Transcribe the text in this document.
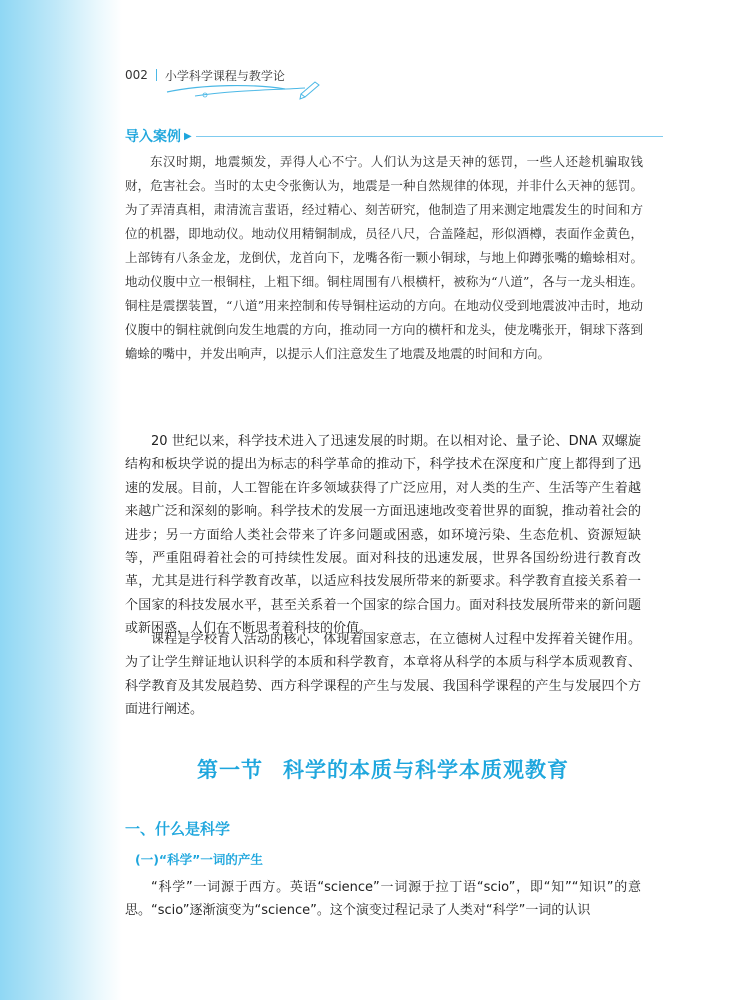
002 小学科学课程与教学论
导入案例 ▶

东汉时期，地震频发，弄得人心不宁。人们认为这是天神的惩罚，一些人还趁机骗取钱财，危害社会。当时的太史令张衡认为，地震是一种自然规律的体现，并非什么天神的惩罚。为了弄清真相，肃清流言蜚语，经过精心、刻苦研究，他制造了用来测定地震发生的时间和方位的机器，即地动仪。地动仪用精铜制成，员径八尺，合盖隆起，形似酒樽，表面作金黄色，上部铸有八条金龙，龙倒伏，龙首向下，龙嘴各衔一颗小铜球，与地上仰蹲张嘴的蟾蜍相对。地动仪腹中立一根铜柱，上粗下细。铜柱周围有八根横杆，被称为“八道”，各与一龙头相连。铜柱是震摆装置，“八道”用来控制和传导铜柱运动的方向。在地动仪受到地震波冲击时，地动仪腹中的铜柱就倒向发生地震的方向，推动同一方向的横杆和龙头，使龙嘴张开，铜球下落到蟾蜍的嘴中，并发出响声，以提示人们注意发生了地震及地震的时间和方向。

20 世纪以来，科学技术进入了迅速发展的时期。在以相对论、量子论、DNA 双螺旋结构和板块学说的提出为标志的科学革命的推动下，科学技术在深度和广度上都得到了迅速的发展。目前，人工智能在许多领域获得了广泛应用，对人类的生产、生活等产生着越来越广泛和深刻的影响。科学技术的发展一方面迅速地改变着世界的面貌，推动着社会的进步；另一方面给人类社会带来了许多问题或困惑，如环境污染、生态危机、资源短缺等，严重阻碍着社会的可持续性发展。面对科技的迅速发展，世界各国纷纷进行教育改革，尤其是进行科学教育改革，以适应科技发展所带来的新要求。科学教育直接关系着一个国家的科技发展水平，甚至关系着一个国家的综合国力。面对科技发展所带来的新问题或新困惑，人们在不断思考着科技的价值。

课程是学校育人活动的核心，体现着国家意志，在立德树人过程中发挥着关键作用。为了让学生辩证地认识科学的本质和科学教育，本章将从科学的本质与科学本质观教育、科学教育及其发展趋势、西方科学课程的产生与发展、我国科学课程的产生与发展四个方面进行阐述。

第一节 科学的本质与科学本质观教育
一、什么是科学
(一)“科学”一词的产生

“科学”一词源于西方。英语“science”一词源于拉丁语“scio”，即“知”“知识”的意思。“scio”逐渐演变为“science”。这个演变过程记录了人类对“科学”一词的认识
